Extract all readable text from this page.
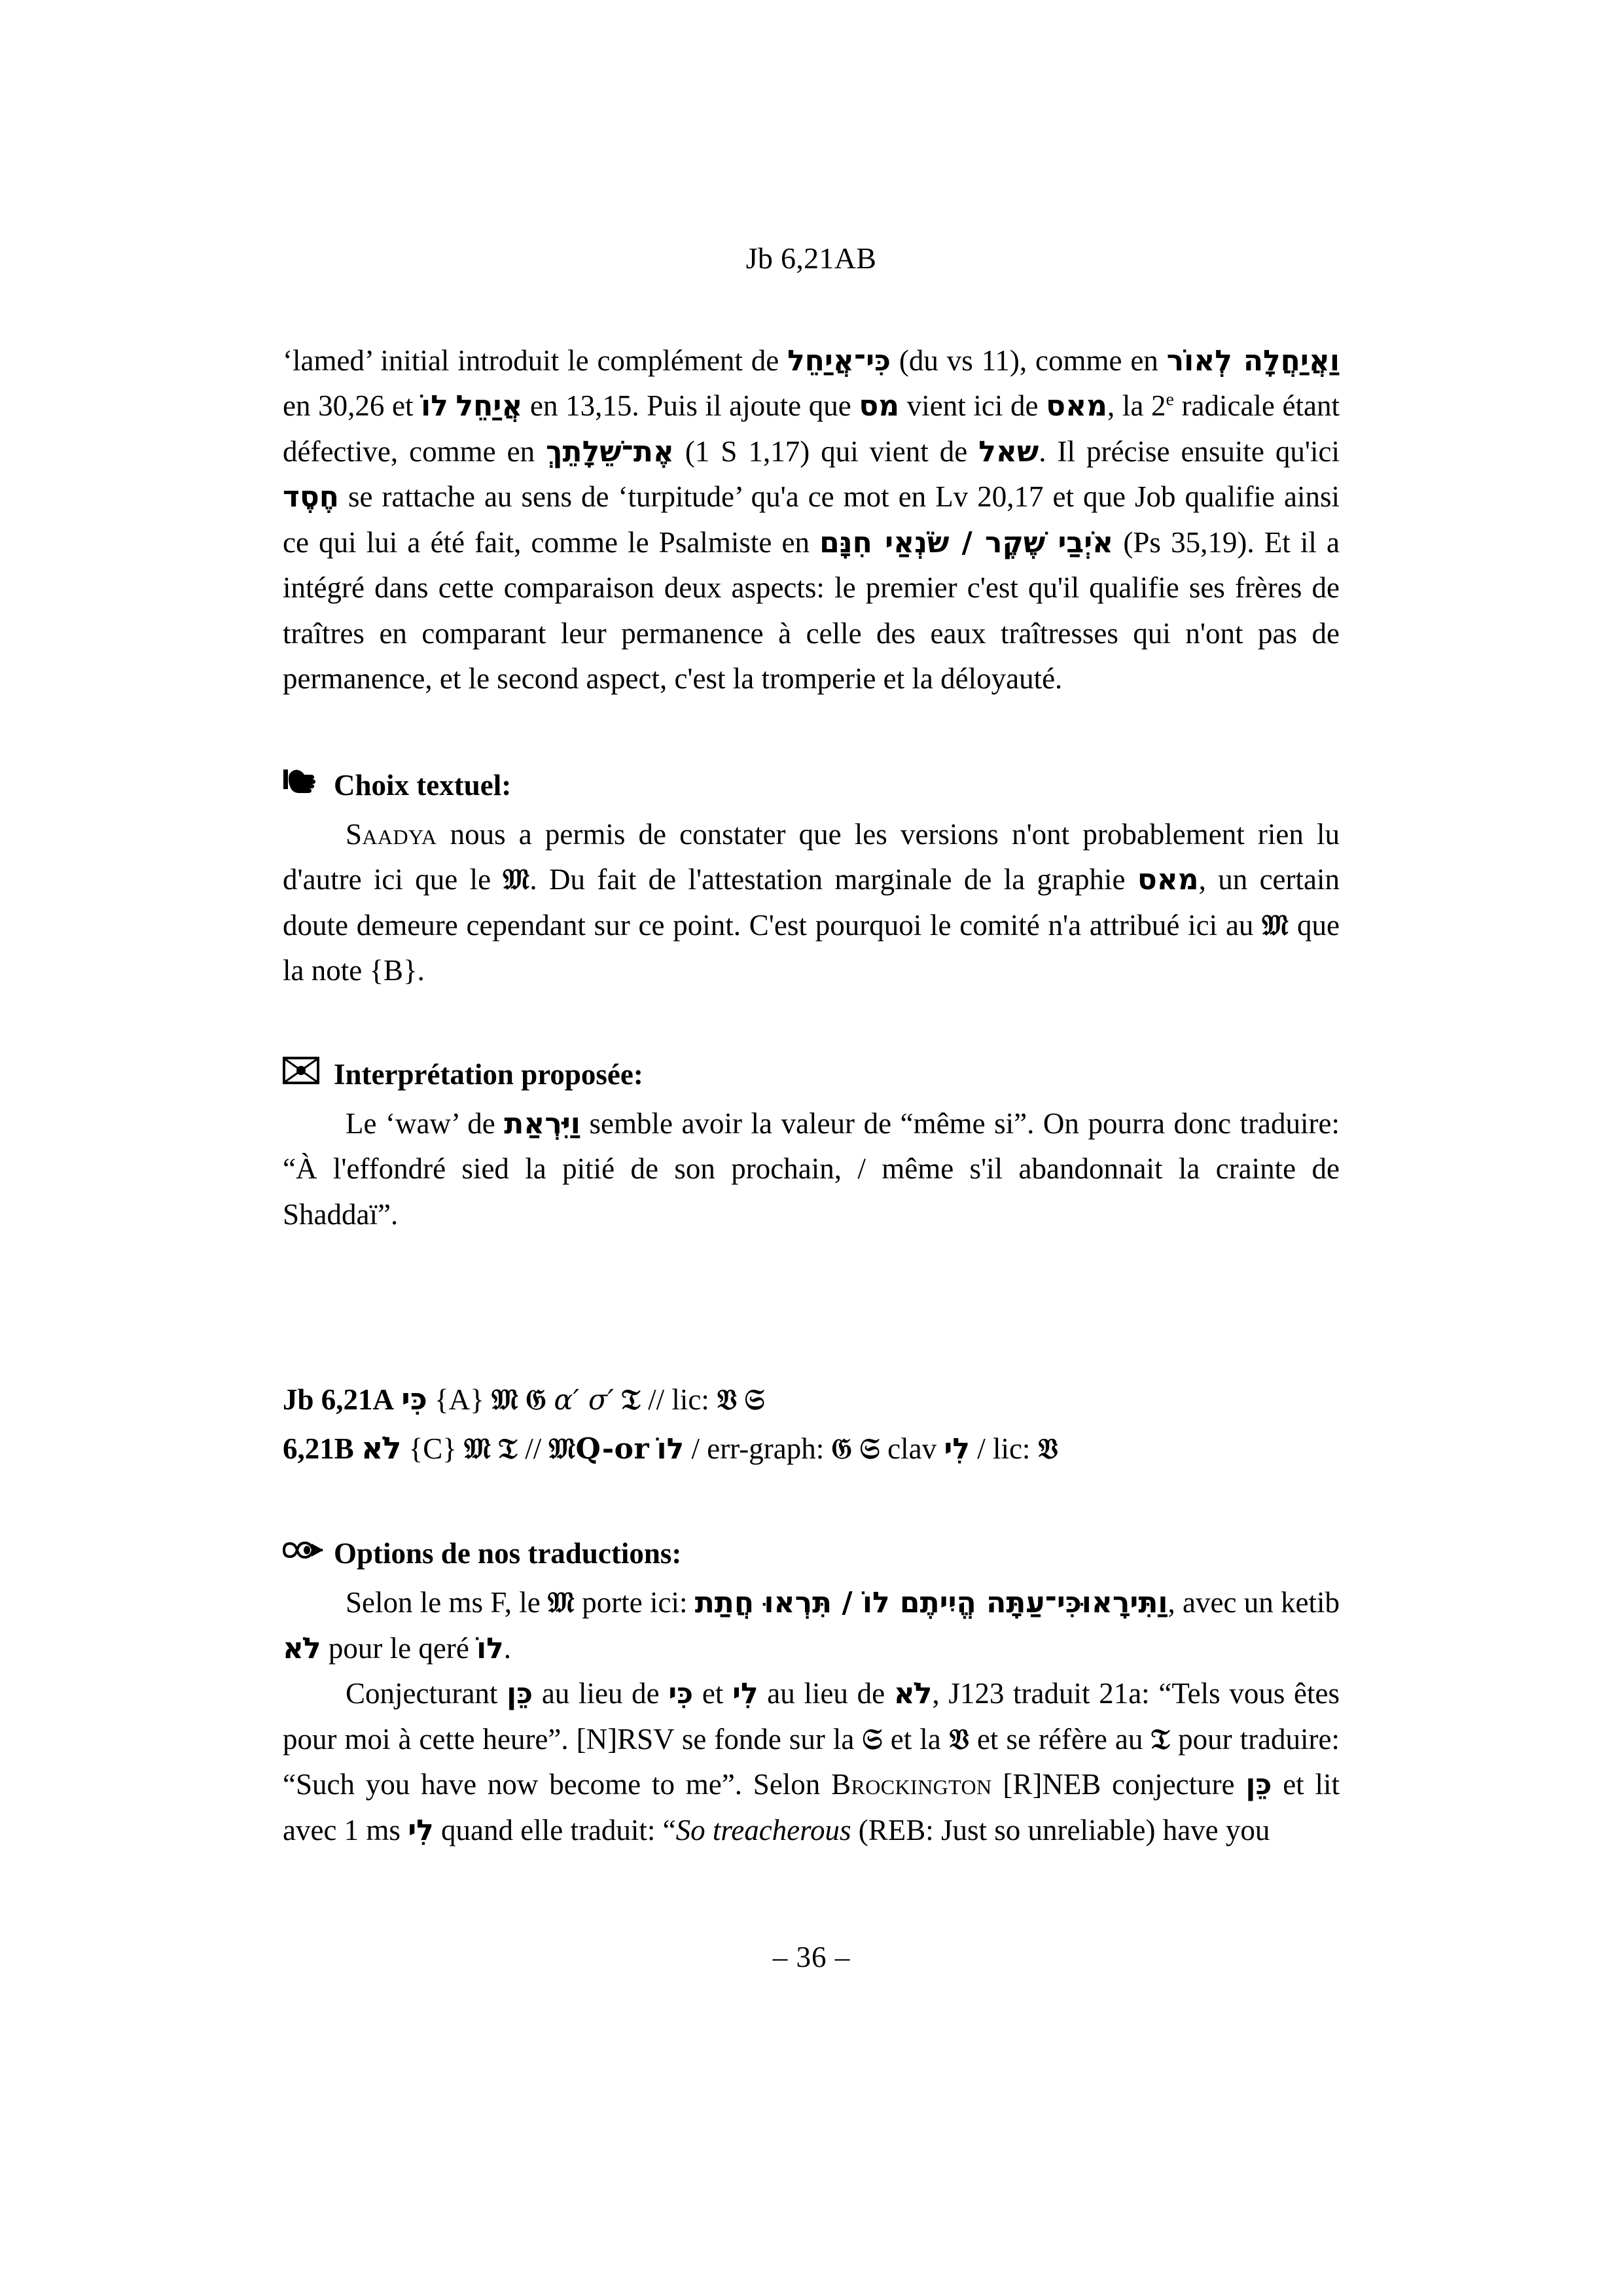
Jb 6,21AB

‘lamed’ initial introduit le complément de כִּי־אֲיַחֵל (du vs 11), comme en וַאֲיַחֲלָה לְאוֹר en 30,26 et לוֹ אֲיַחֵל en 13,15. Puis il ajoute que מס vient ici de מאס, la 2e radicale étant défective, comme en אֶת־שֵׁלָתֵךְ (1 S 1,17) qui vient de שאל. Il précise ensuite qu'ici חֶסֶד se rattache au sens de ‘turpitude’ qu'a ce mot en Lv 20,17 et que Job qualifie ainsi ce qui lui a été fait, comme le Psalmiste en אֹיְבַי שֶׁקֶר / שֹׂנְאַי חִנָּם (Ps 35,19). Et il a intégré dans cette comparaison deux aspects: le premier c'est qu'il qualifie ses frères de traîtres en comparant leur permanence à celle des eaux traîtresses qui n'ont pas de permanence, et le second aspect, c'est la tromperie et la déloyauté.

Choix textuel:

Saadya nous a permis de constater que les versions n'ont probablement rien lu d'autre ici que le 𝔐. Du fait de l'attestation marginale de la graphie מאס, un certain doute demeure cependant sur ce point. C'est pourquoi le comité n'a attribué ici au 𝔐 que la note {B}.

Interprétation proposée:

Le ‘waw’ de וַיִּרְאַת semble avoir la valeur de “même si”. On pourra donc traduire: “À l'effondré sied la pitié de son prochain, / même s'il abandonnait la crainte de Shaddaï”.

Jb 6,21A כִּי {A} 𝔐 𝔊 α′ σ′ 𝔗 // lic: 𝔙 𝔖
6,21B לֹא {C} 𝔐 𝔗 // 𝔐Q-or לוֹ / err-graph: 𝔊 𝔖 clav לִי / lic: 𝔙
Options de nos traductions:

Selon le ms F, le 𝔐 porte ici: כִּי־עַתָּה הֱיִיתֶם לוֹ / תִּרְאוּ חֲתַתוַתִּירָאוּ, avec un ketib לֹא pour le qeré לוֹ.

Conjecturant כֵּן au lieu de כִּי et לִי au lieu de לֹא, J123 traduit 21a: “Tels vous êtes pour moi à cette heure”. [N]RSV se fonde sur la 𝔖 et la 𝔙 et se réfère au 𝔗 pour traduire: “Such you have now become to me”. Selon Brockington [R]NEB conjecture כֵּן et lit avec 1 ms לִי quand elle traduit: “So treacherous (REB: Just so unreliable) have you

– 36 –
